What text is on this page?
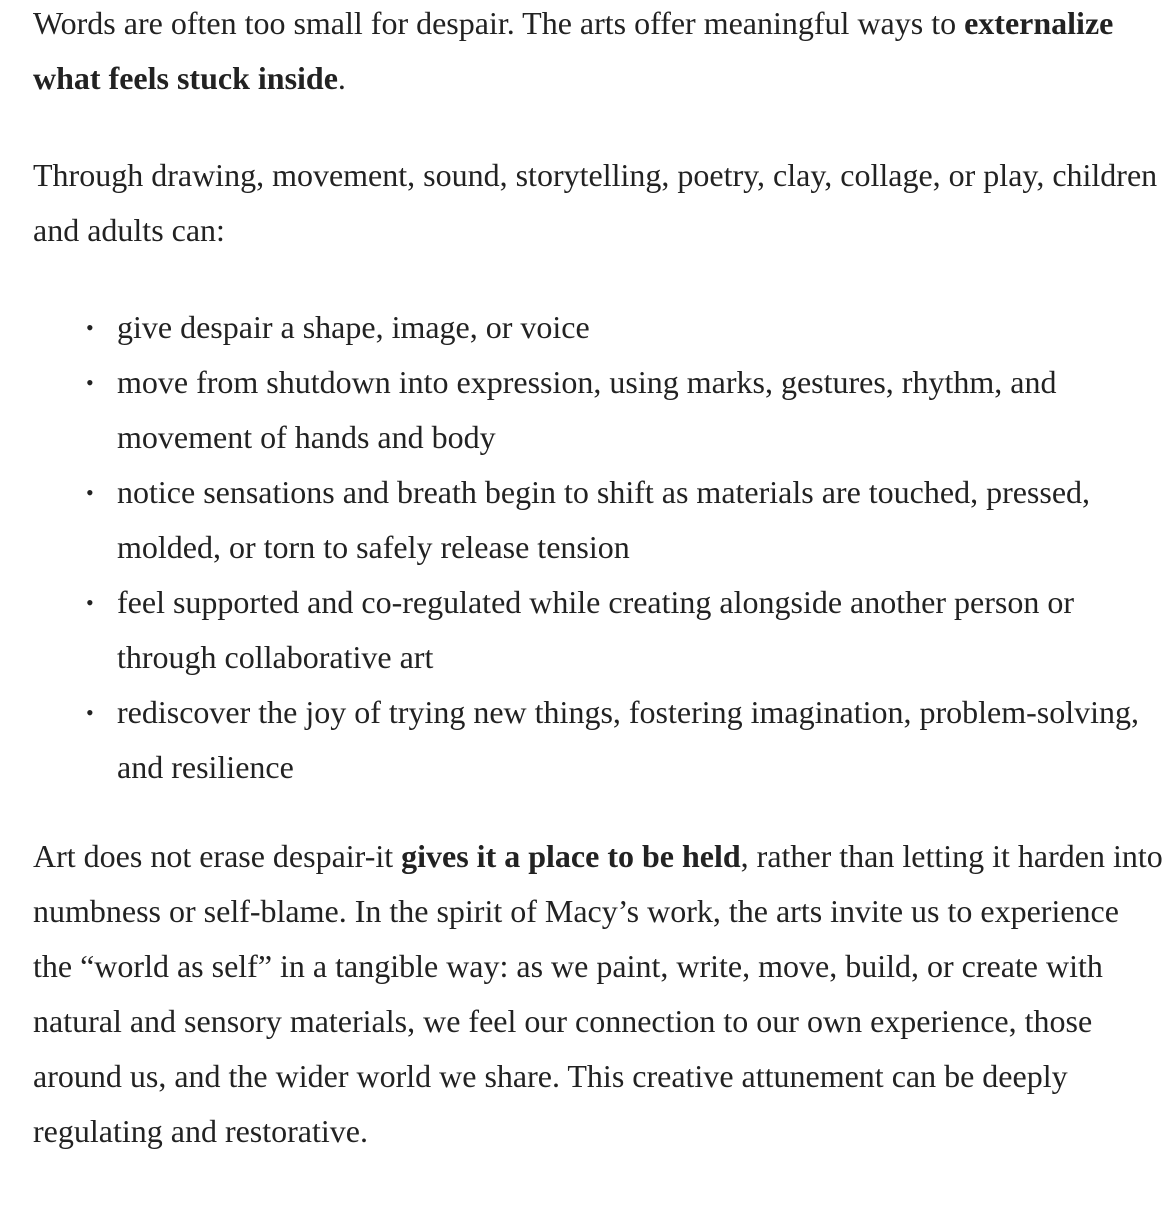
Words are often too small for despair. The arts offer meaningful ways to externalize what feels stuck inside.

Through drawing, movement, sound, storytelling, poetry, clay, collage, or play, children and adults can:

• give despair a shape, image, or voice
• move from shutdown into expression, using marks, gestures, rhythm, and movement of hands and body
• notice sensations and breath begin to shift as materials are touched, pressed, molded, or torn to safely release tension
• feel supported and co-regulated while creating alongside another person or through collaborative art
• rediscover the joy of trying new things, fostering imagination, problem-solving, and resilience

Art does not erase despair-it gives it a place to be held, rather than letting it harden into numbness or self-blame. In the spirit of Macy’s work, the arts invite us to experience the “world as self” in a tangible way: as we paint, write, move, build, or create with natural and sensory materials, we feel our connection to our own experience, those around us, and the wider world we share. This creative attunement can be deeply regulating and restorative.
